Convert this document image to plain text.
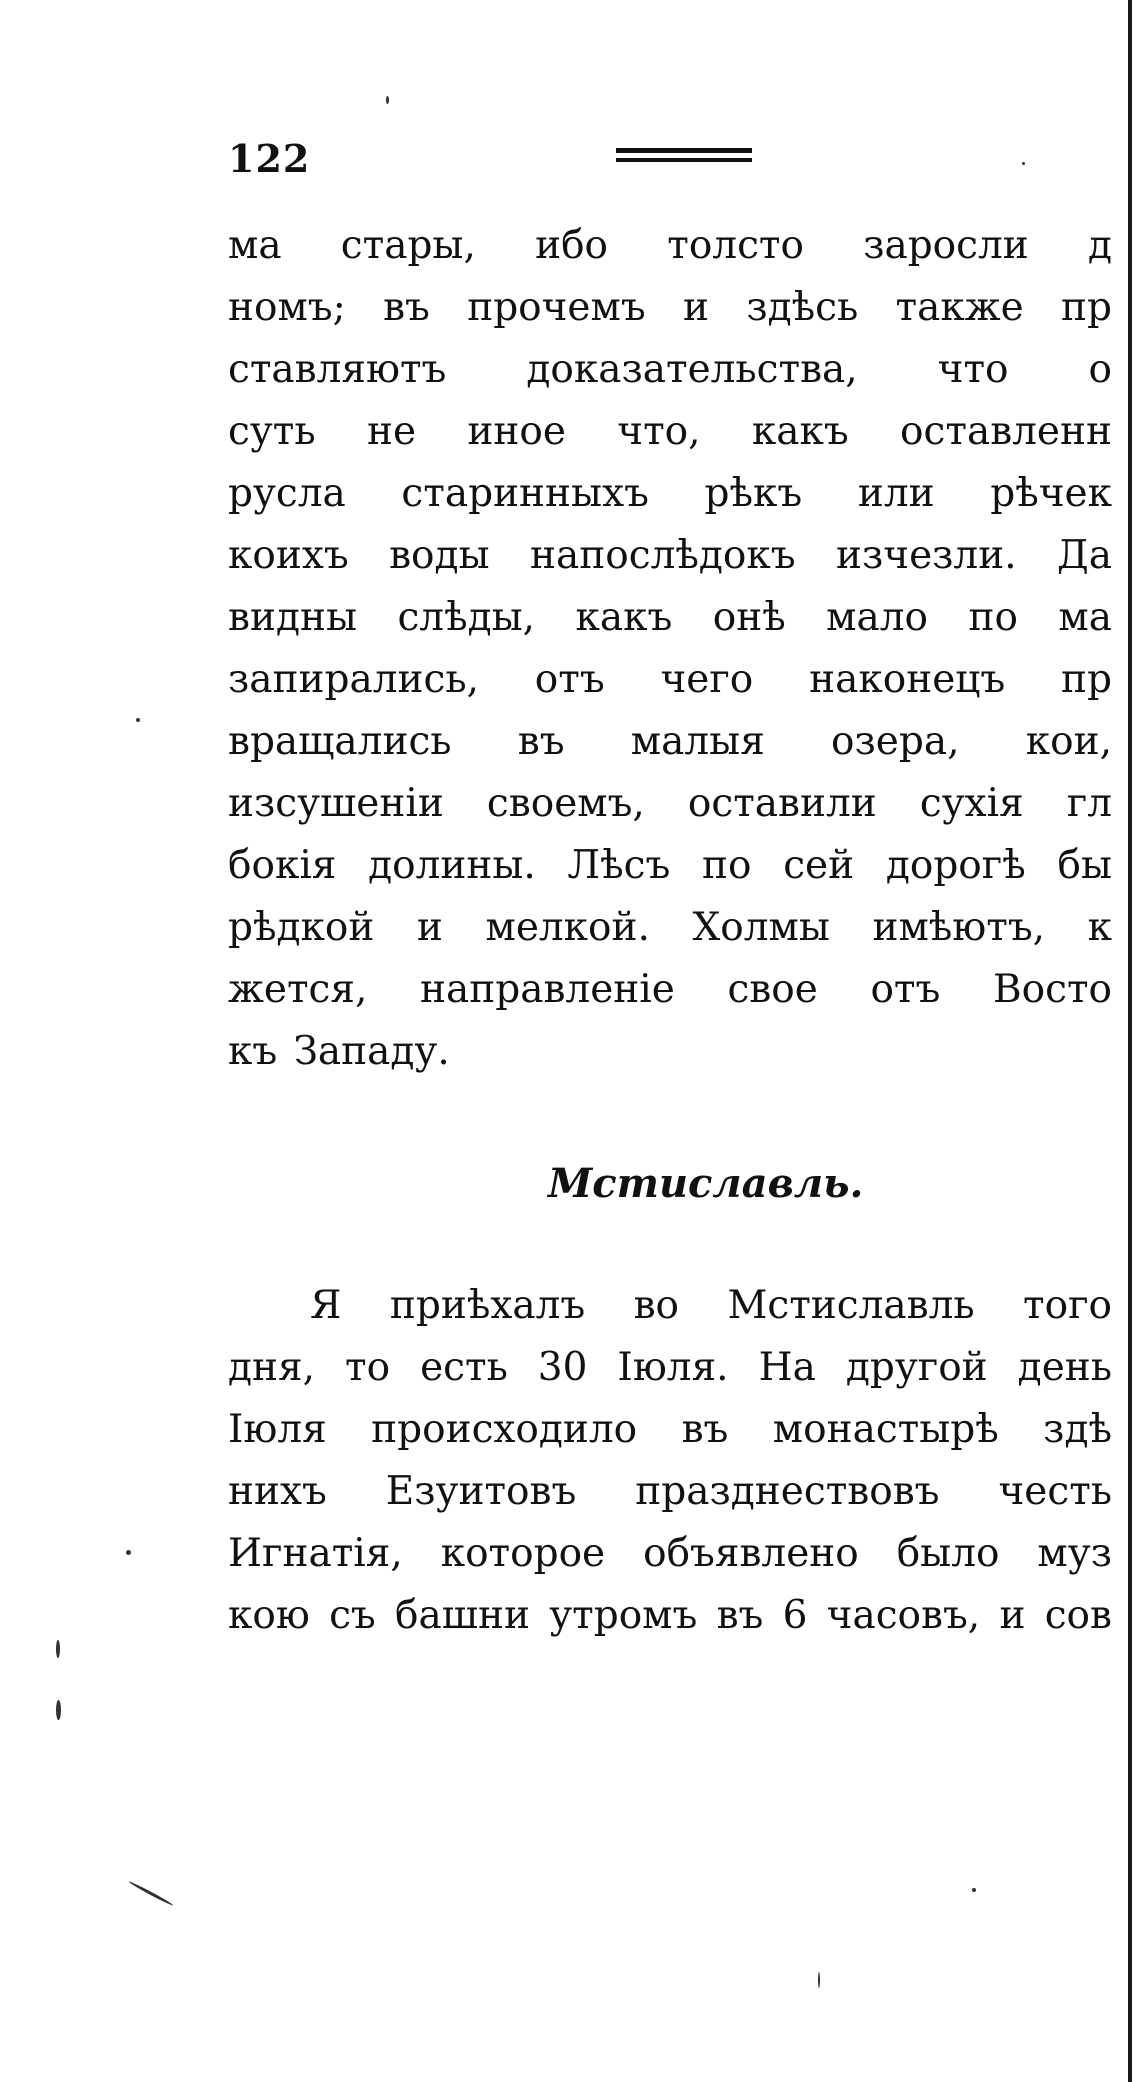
122
ма стары, ибо толсто заросли д
номъ; въ прочемъ и здѣсь также пр
ставляютъ доказательства, что о
суть не иное что, какъ оставленн
русла старинныхъ рѣкъ или рѣчек
коихъ воды напослѣдокъ изчезли. Да
видны слѣды, какъ онѣ мало по ма
запирались, отъ чего наконецъ пр
вращались въ малыя озера, кои,
изсушенiи своемъ, оставили сухiя гл
бокiя долины. Лѣсъ по сей дорогѣ бы
рѣдкой и мелкой. Холмы имѣютъ, к
жется, направленiе свое отъ Восто
къ Западу.
Мстиславль.
Я приѣхалъ во Мстиславль того
дня, то есть 30 Iюля. На другой день
Iюля происходило въ монастырѣ здѣ
нихъ Езуитовъ празднествовъ честь
Игнатiя, которое объявлено было муз
кою съ башни утромъ въ 6 часовъ, и сов
